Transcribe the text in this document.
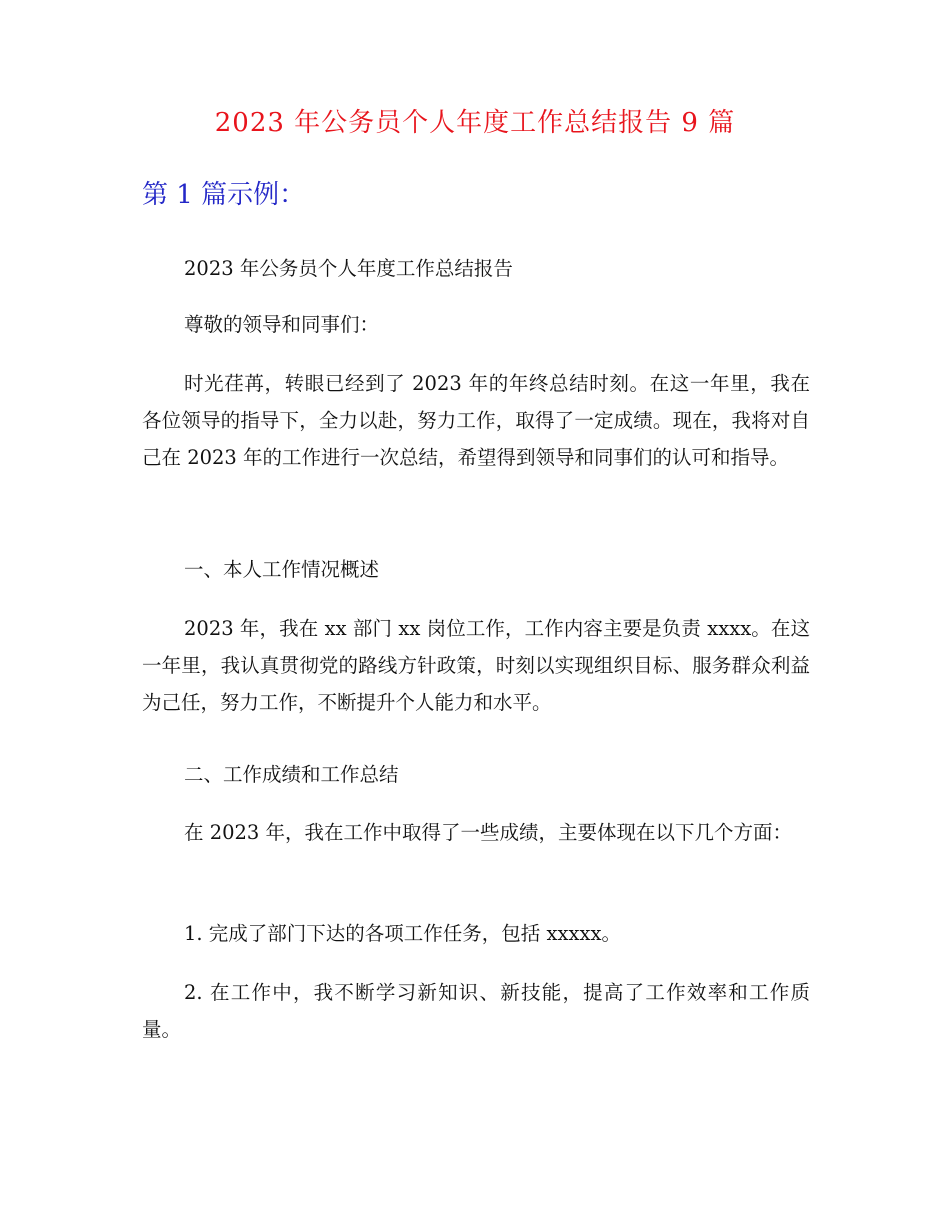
2023 年公务员个人年度工作总结报告 9 篇
第 1 篇示例：

2023 年公务员个人年度工作总结报告

尊敬的领导和同事们：

时光荏苒，转眼已经到了 2023 年的年终总结时刻。在这一年里，我在各位领导的指导下，全力以赴，努力工作，取得了一定成绩。现在，我将对自己在 2023 年的工作进行一次总结，希望得到领导和同事们的认可和指导。

一、本人工作情况概述

2023 年，我在 xx 部门 xx 岗位工作，工作内容主要是负责 xxxx。在这一年里，我认真贯彻党的路线方针政策，时刻以实现组织目标、服务群众利益为己任，努力工作，不断提升个人能力和水平。

二、工作成绩和工作总结

在 2023 年，我在工作中取得了一些成绩，主要体现在以下几个方面：

1. 完成了部门下达的各项工作任务，包括 xxxxx。

2. 在工作中，我不断学习新知识、新技能，提高了工作效率和工作质量。
